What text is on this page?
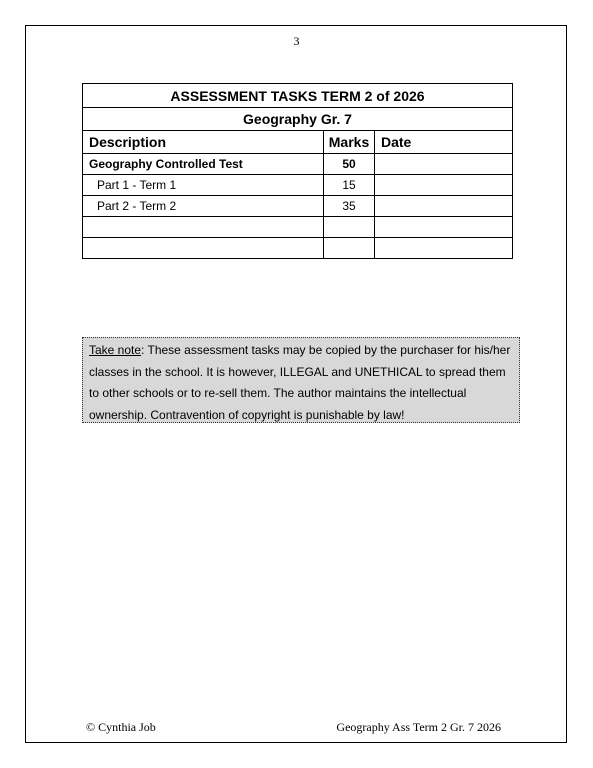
3
ASSESSMENT TASKS TERM 2 of 2026		
Geography Gr. 7		
Description	Marks	Date
Geography Controlled Test	50	
Part 1 - Term 1	15	
Part 2 - Term 2	35	

Take note: These assessment tasks may be copied by the purchaser for his/her classes in the school. It is however, ILLEGAL and UNETHICAL to spread them to other schools or to re-sell them. The author maintains the intellectual ownership. Contravention of copyright is punishable by law!
© Cynthia Job	Geography Ass Term 2 Gr. 7 2026
